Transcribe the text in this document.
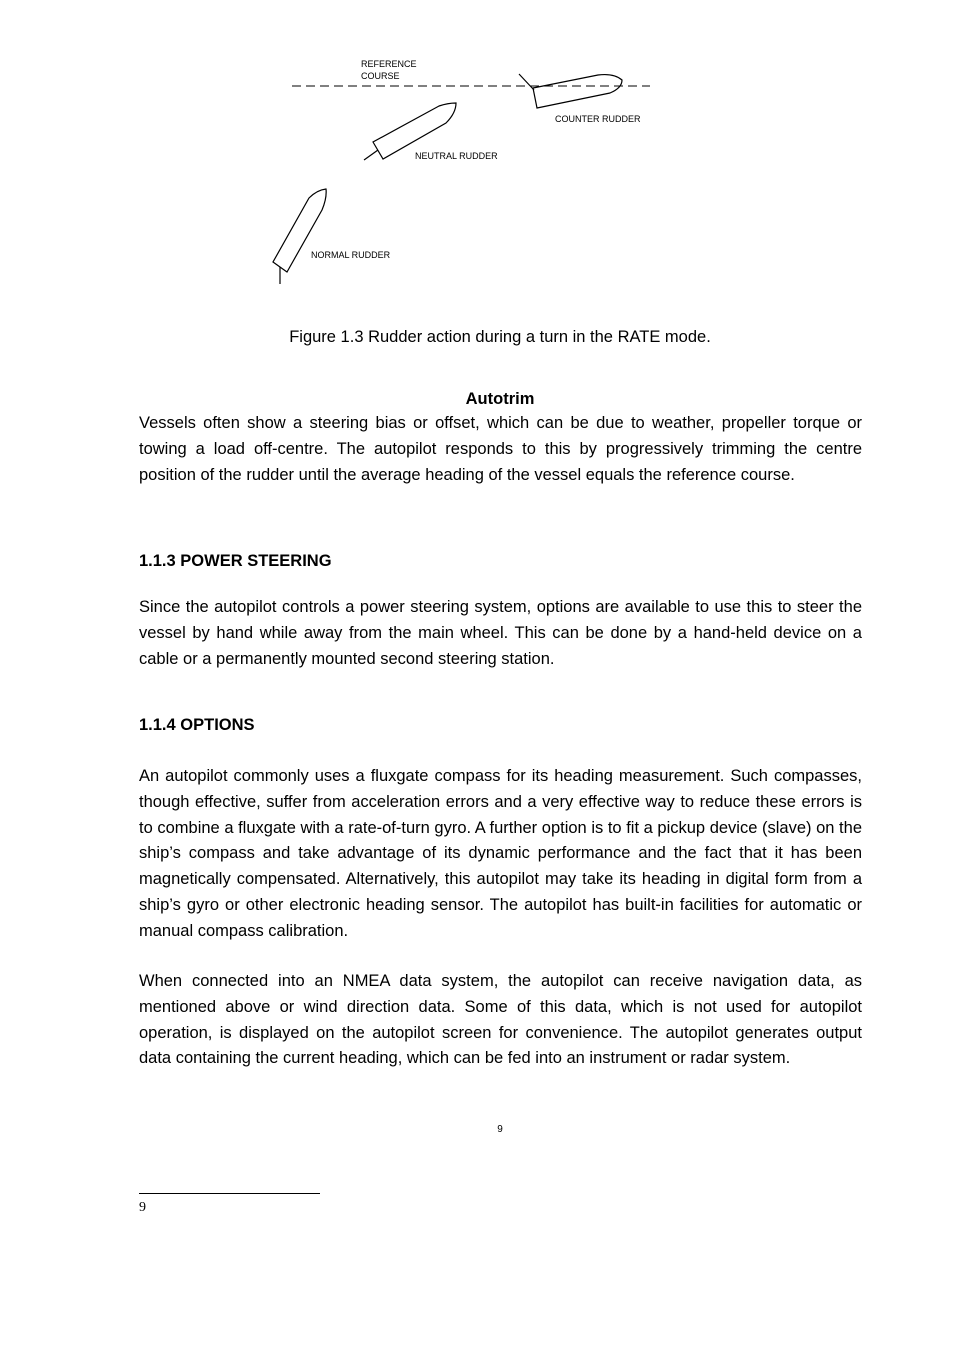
REFERENCE
COURSE
COUNTER RUDDER
NEUTRAL RUDDER
NORMAL RUDDER
Figure 1.3 Rudder action during a turn in the RATE mode.
Autotrim

Vessels often show a steering bias or offset, which can be due to weather, propeller torque or towing a load off-centre. The autopilot responds to this by progressively trimming the centre position of the rudder until the average heading of the vessel equals the reference course.

1.1.3 POWER STEERING

Since the autopilot controls a power steering system, options are available to use this to steer the vessel by hand while away from the main wheel. This can be done by a hand-held device on a cable or a permanently mounted second steering station.

1.1.4 OPTIONS

An autopilot commonly uses a fluxgate compass for its heading measurement. Such compasses, though effective, suffer from acceleration errors and a very effective way to reduce these errors is to combine a fluxgate with a rate-of-turn gyro. A further option is to fit a pickup device (slave) on the ship’s compass and take advantage of its dynamic performance and the fact that it has been magnetically compensated. Alternatively, this autopilot may take its heading in digital form from a ship’s gyro or other electronic heading sensor. The autopilot has built-in facilities for automatic or manual compass calibration.

When connected into an NMEA data system, the autopilot can receive navigation data, as mentioned above or wind direction data. Some of this data, which is not used for autopilot operation, is displayed on the autopilot screen for convenience. The autopilot generates output data containing the current heading, which can be fed into an instrument or radar system.

9
9
